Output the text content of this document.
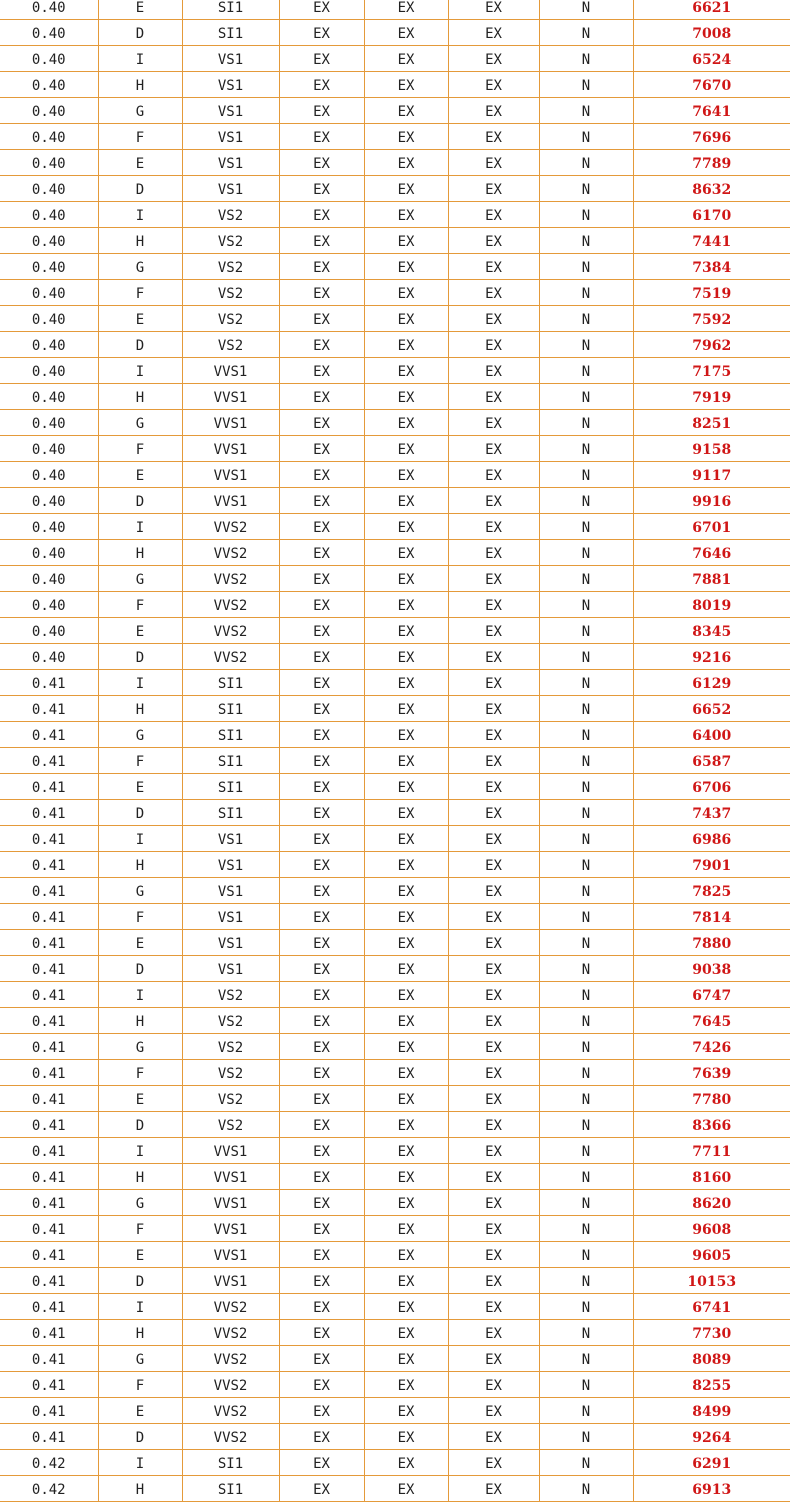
0.40	E	SI1	EX	EX	EX	N	6621
0.40	D	SI1	EX	EX	EX	N	7008
0.40	I	VS1	EX	EX	EX	N	6524
0.40	H	VS1	EX	EX	EX	N	7670
0.40	G	VS1	EX	EX	EX	N	7641
0.40	F	VS1	EX	EX	EX	N	7696
0.40	E	VS1	EX	EX	EX	N	7789
0.40	D	VS1	EX	EX	EX	N	8632
0.40	I	VS2	EX	EX	EX	N	6170
0.40	H	VS2	EX	EX	EX	N	7441
0.40	G	VS2	EX	EX	EX	N	7384
0.40	F	VS2	EX	EX	EX	N	7519
0.40	E	VS2	EX	EX	EX	N	7592
0.40	D	VS2	EX	EX	EX	N	7962
0.40	I	VVS1	EX	EX	EX	N	7175
0.40	H	VVS1	EX	EX	EX	N	7919
0.40	G	VVS1	EX	EX	EX	N	8251
0.40	F	VVS1	EX	EX	EX	N	9158
0.40	E	VVS1	EX	EX	EX	N	9117
0.40	D	VVS1	EX	EX	EX	N	9916
0.40	I	VVS2	EX	EX	EX	N	6701
0.40	H	VVS2	EX	EX	EX	N	7646
0.40	G	VVS2	EX	EX	EX	N	7881
0.40	F	VVS2	EX	EX	EX	N	8019
0.40	E	VVS2	EX	EX	EX	N	8345
0.40	D	VVS2	EX	EX	EX	N	9216
0.41	I	SI1	EX	EX	EX	N	6129
0.41	H	SI1	EX	EX	EX	N	6652
0.41	G	SI1	EX	EX	EX	N	6400
0.41	F	SI1	EX	EX	EX	N	6587
0.41	E	SI1	EX	EX	EX	N	6706
0.41	D	SI1	EX	EX	EX	N	7437
0.41	I	VS1	EX	EX	EX	N	6986
0.41	H	VS1	EX	EX	EX	N	7901
0.41	G	VS1	EX	EX	EX	N	7825
0.41	F	VS1	EX	EX	EX	N	7814
0.41	E	VS1	EX	EX	EX	N	7880
0.41	D	VS1	EX	EX	EX	N	9038
0.41	I	VS2	EX	EX	EX	N	6747
0.41	H	VS2	EX	EX	EX	N	7645
0.41	G	VS2	EX	EX	EX	N	7426
0.41	F	VS2	EX	EX	EX	N	7639
0.41	E	VS2	EX	EX	EX	N	7780
0.41	D	VS2	EX	EX	EX	N	8366
0.41	I	VVS1	EX	EX	EX	N	7711
0.41	H	VVS1	EX	EX	EX	N	8160
0.41	G	VVS1	EX	EX	EX	N	8620
0.41	F	VVS1	EX	EX	EX	N	9608
0.41	E	VVS1	EX	EX	EX	N	9605
0.41	D	VVS1	EX	EX	EX	N	10153
0.41	I	VVS2	EX	EX	EX	N	6741
0.41	H	VVS2	EX	EX	EX	N	7730
0.41	G	VVS2	EX	EX	EX	N	8089
0.41	F	VVS2	EX	EX	EX	N	8255
0.41	E	VVS2	EX	EX	EX	N	8499
0.41	D	VVS2	EX	EX	EX	N	9264
0.42	I	SI1	EX	EX	EX	N	6291
0.42	H	SI1	EX	EX	EX	N	6913
